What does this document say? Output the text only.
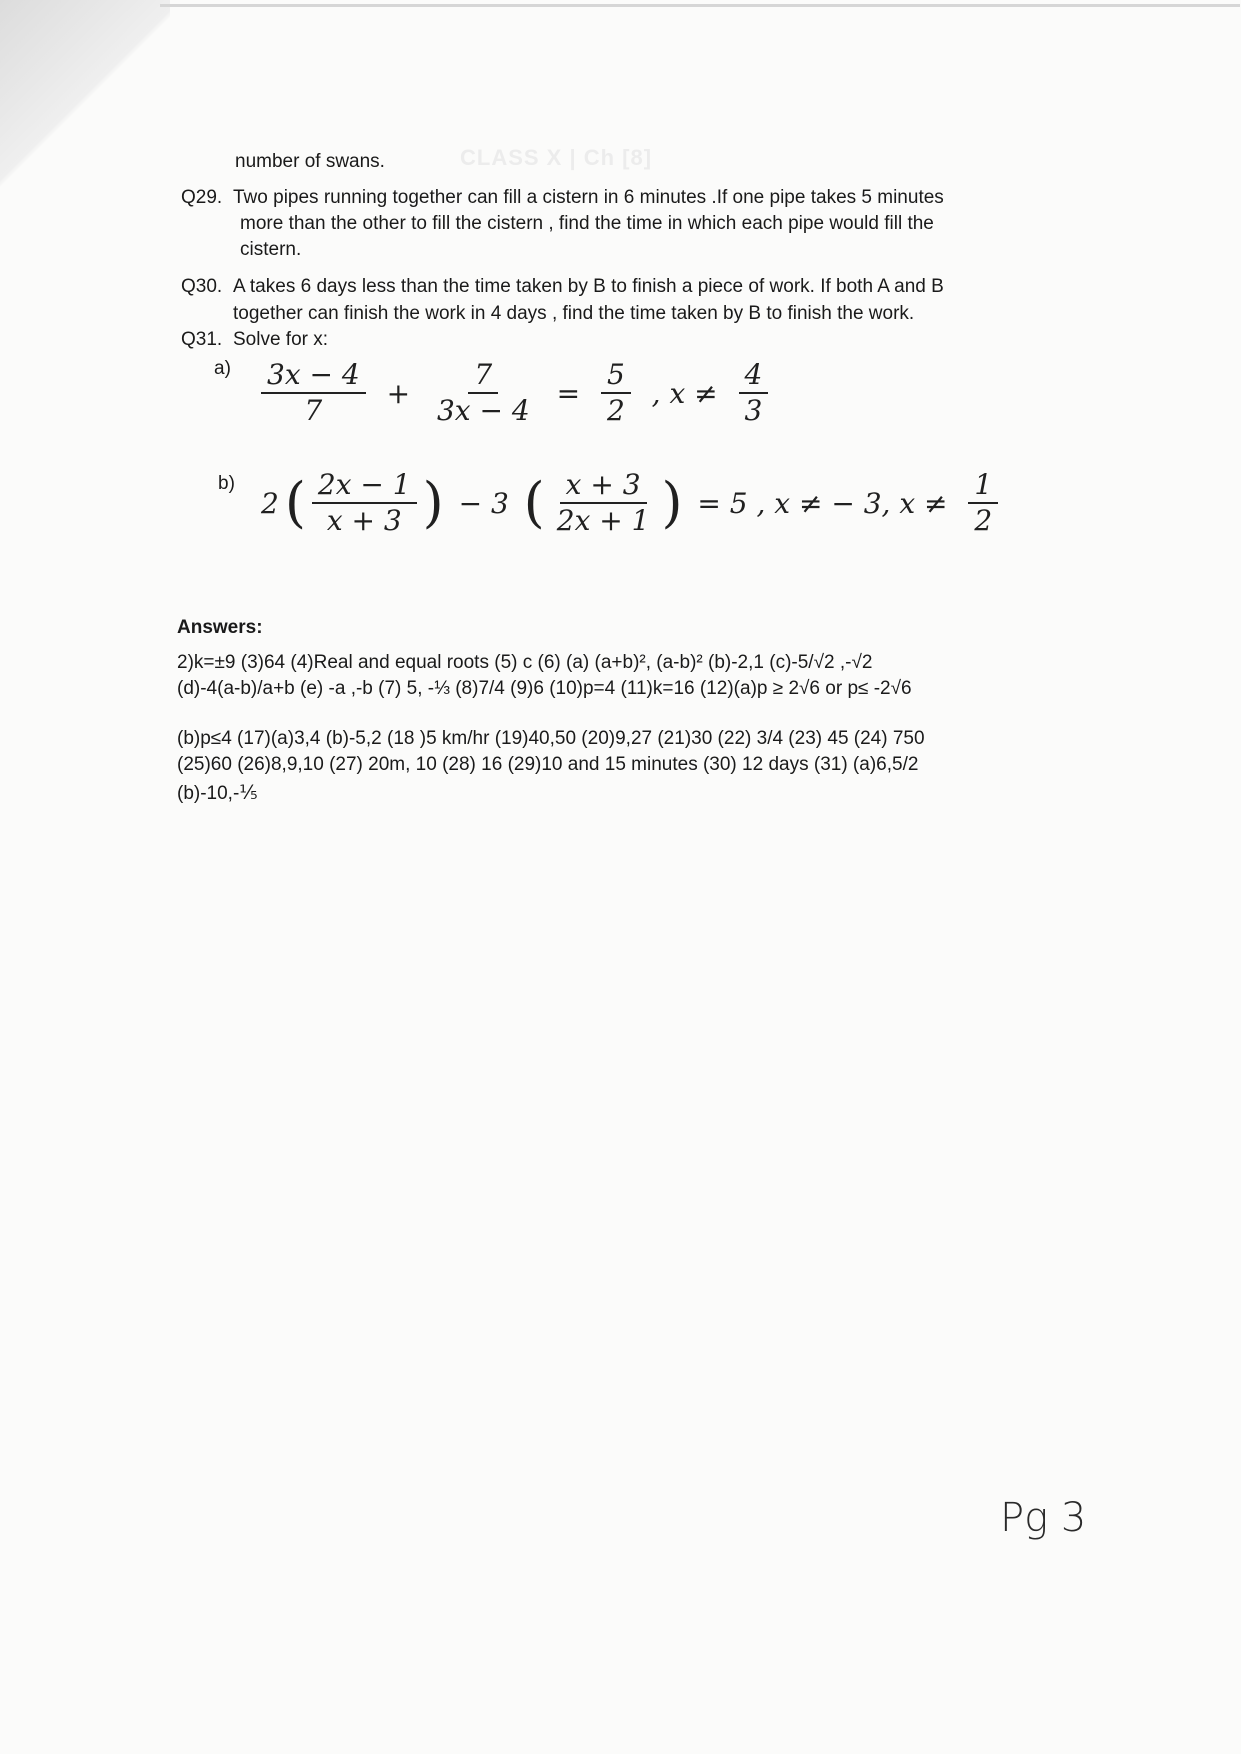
CLASS X | Ch [8]
number of swans.
Q29. Two pipes running together can fill a cistern in 6 minutes .If one pipe takes 5 minutes
more than the other to fill the cistern , find the time in which each pipe would fill the
cistern.
Q30. A takes 6 days less than the time taken by B to finish a piece of work. If both A and B
together can finish the work in 4 days , find the time taken by B to finish the work.
Q31. Solve for x:
$a) \frac{3x - 4}{7} + \frac{7}{3x - 4} = \frac{5}{2}$ , $x \ne \frac{4}{3}$
b)
2 ( $\frac{2x - 1}{x + 3}$ ) − 3 ( $\frac{x + 3}{2x + 1}$ ) = 5 , x ≠ − 3, $x \ne \frac{1}{2}$
Answers:
2)k=±9 (3)64 (4)Real and equal roots (5) c (6) (a) (a+b)², (a-b)² (b)-2,1 (c)-5/√2 ,-√2
(d)-4(a-b)/a+b (e) -a ,-b (7) 5, -⅓ (8)7/4 (9)6 (10)p=4 (11)k=16 (12)(a)p ≥ 2√6 or p≤ -2√6
(b)p≤4 (17)(a)3,4 (b)-5,2 (18 )5 km/hr (19)40,50 (20)9,27 (21)30 (22) 3/4 (23) 45 (24) 750
(25)60 (26)8,9,10 (27) 20m, 10 (28) 16 (29)10 and 15 minutes (30) 12 days (31) (a)6,5/2
(b)-10,-⅕
Pg 3
